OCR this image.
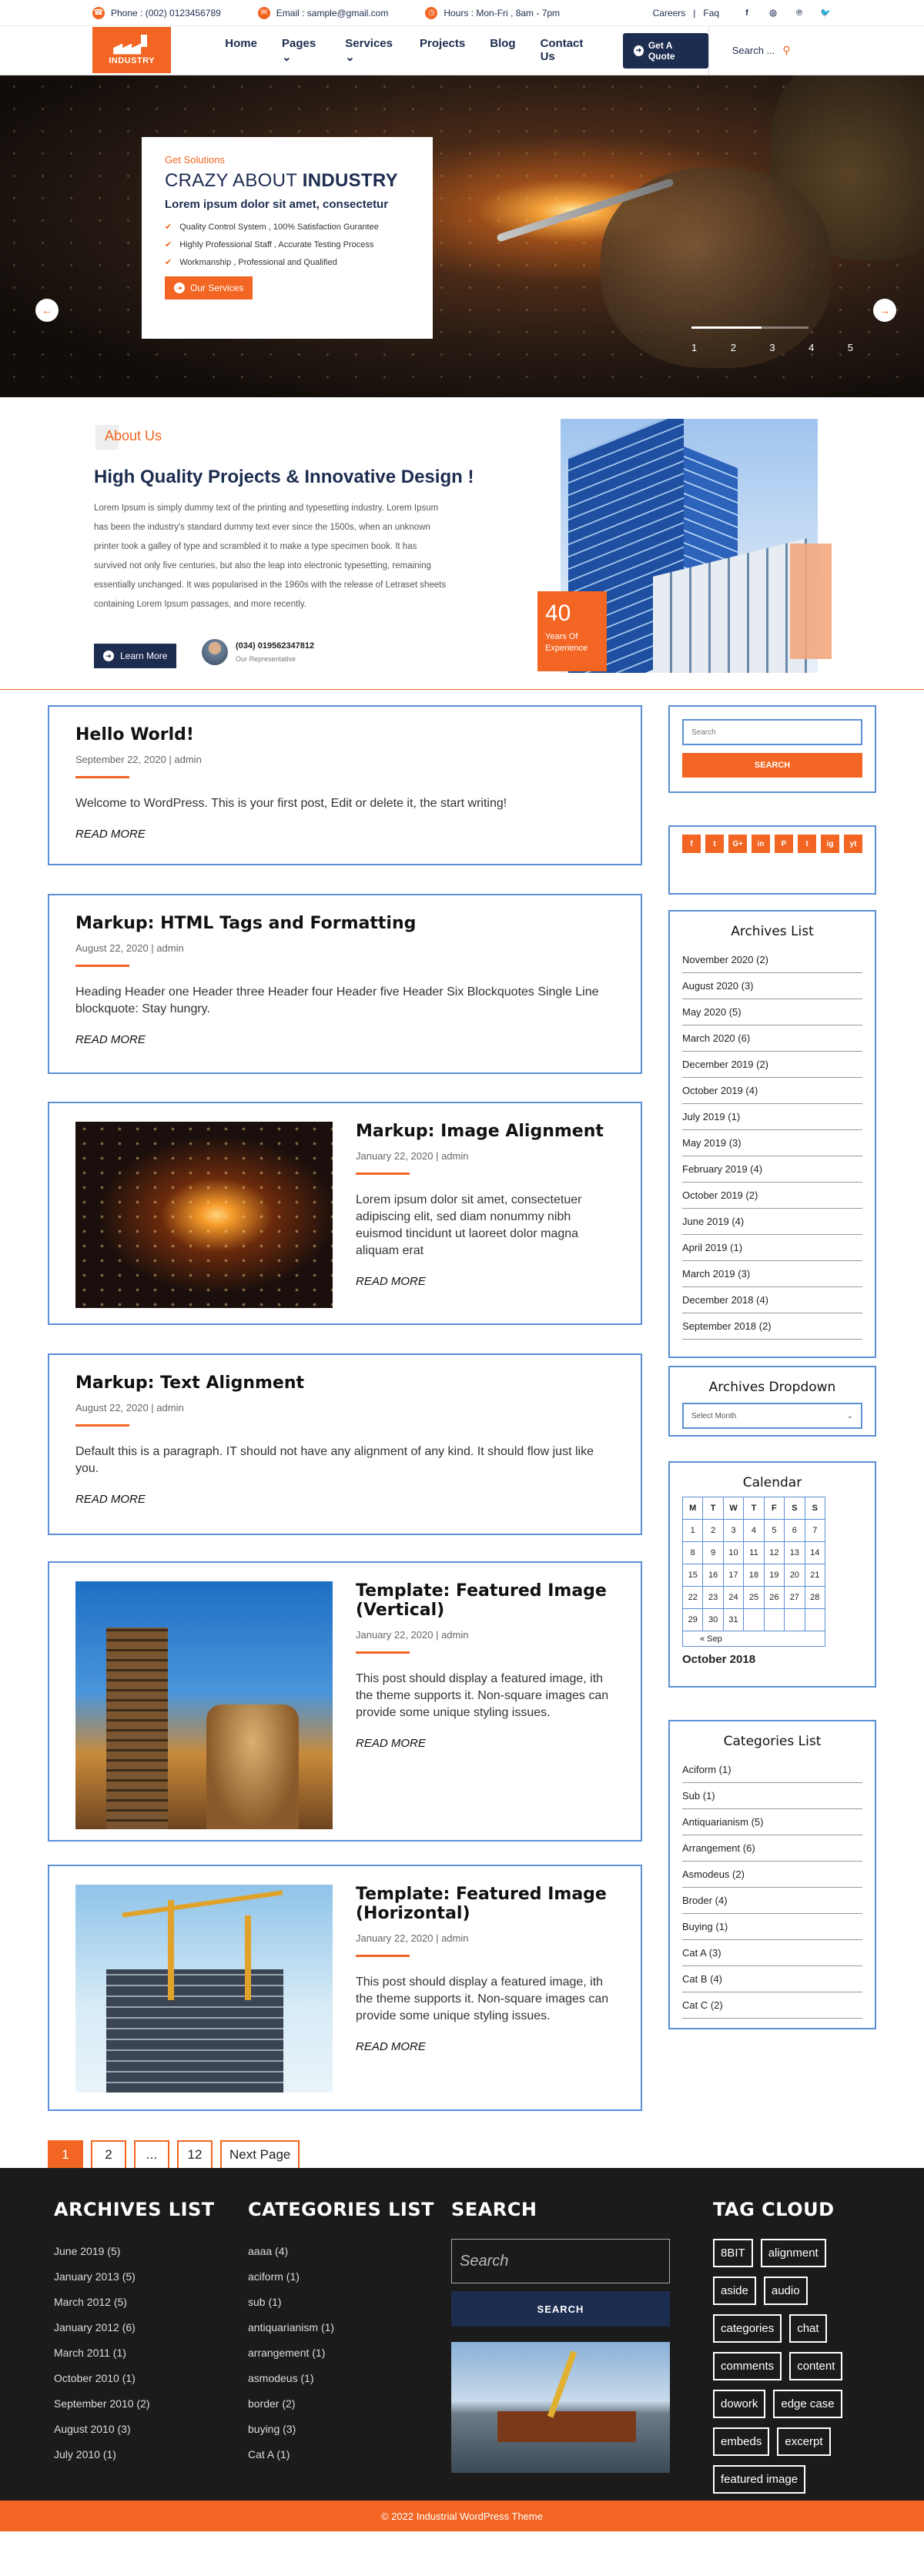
☎ Phone : (002) 0123456789	✉ Email : sample@gmail.com	◷ Hours : Mon-Fri , 8am - 7pm	Careers | Faq	f	◎	℗	🐦
INDUSTRY
Home Pages ⌄
Services ⌄
Projects Blog Contact Us	➜ Get A Quote	Search ... ⚲
Get Solutions
CRAZY ABOUT INDUSTRY
Lorem ipsum dolor sit amet, consectetur
✔ Quality Control System , 100% Satisfaction Gurantee
✔ Highly Professional Staff , Accurate Testing Process
✔ Workmanship , Professional and Qualified
➜ Our Services
←	→
1	2	3	4	5
About Us
High Quality Projects & Innovative Design !

Lorem Ipsum is simply dummy text of the printing and typesetting industry. Lorem Ipsum has been the industry's standard dummy text ever since the 1500s, when an unknown printer took a galley of type and scrambled it to make a type specimen book. It has survived not only five centuries, but also the leap into electronic typesetting, remaining essentially unchanged. It was popularised in the 1960s with the release of Letraset sheets containing Lorem Ipsum passages, and more recently.

➜ Learn More
(034) 019562347812
Our Representative
40
Years Of Experience
Hello World!
September 22, 2020 | admin
Welcome to WordPress. This is your first post, Edit or delete it, the start writing!
READ MORE
Markup: HTML Tags and Formatting
August 22, 2020 | admin
Heading Header one Header three Header four Header five Header Six Blockquotes Single Line blockquote: Stay hungry.
READ MORE
Markup: Image Alignment
January 22, 2020 | admin
Lorem ipsum dolor sit amet, consectetuer adipiscing elit, sed diam nonummy nibh euismod tincidunt ut laoreet dolor magna aliquam erat
READ MORE
Markup: Text Alignment
August 22, 2020 | admin
Default this is a paragraph. IT should not have any alignment of any kind. It should flow just like you.
READ MORE
Template: Featured Image (Vertical)
January 22, 2020 | admin
This post should display a featured image, ith the theme supports it. Non-square images can provide some unique styling issues.
READ MORE
Template: Featured Image (Horizontal)
January 22, 2020 | admin
This post should display a featured image, ith the theme supports it. Non-square images can provide some unique styling issues.
READ MORE
1	2	...	12	Next Page
Search
SEARCH
f	t	G+	in	P	t	ig	yt
Archives List
November 2020 (2)
August 2020 (3)
May 2020 (5)
March 2020 (6)
December 2019 (2)
October 2019 (4)
July 2019 (1)
May 2019 (3)
February 2019 (4)
October 2019 (2)
June 2019 (4)
April 2019 (1)
March 2019 (3)
December 2018 (4)
September 2018 (2)
Archives Dropdown
Select Month	⌄
Calendar
M	T	W	T	F	S	S
1	2	3	4	5	6	7
8	9	10	11	12	13	14
15	16	17	18	19	20	21
22	23	24	25	26	27	28
29	30	31				
« Sep
October 2018
Categories List
Aciform (1)
Sub (1)
Antiquarianism (5)
Arrangement (6)
Asmodeus (2)
Broder (4)
Buying (1)
Cat A (3)
Cat B (4)
Cat C (2)
ARCHIVES LIST
June 2019 (5)
January 2013 (5)
March 2012 (5)
January 2012 (6)
March 2011 (1)
October 2010 (1)
September 2010 (2)
August 2010 (3)
July 2010 (1)
CATEGORIES LIST
aaaa (4)
aciform (1)
sub (1)
antiquarianism (1)
arrangement (1)
asmodeus (1)
border (2)
buying (3)
Cat A (1)
SEARCH
Search
SEARCH
TAG CLOUD
8BIT	alignment
aside	audio
categories	chat
comments	content
dowork	edge case
embeds	excerpt
featured image
© 2022 Industrial WordPress Theme
